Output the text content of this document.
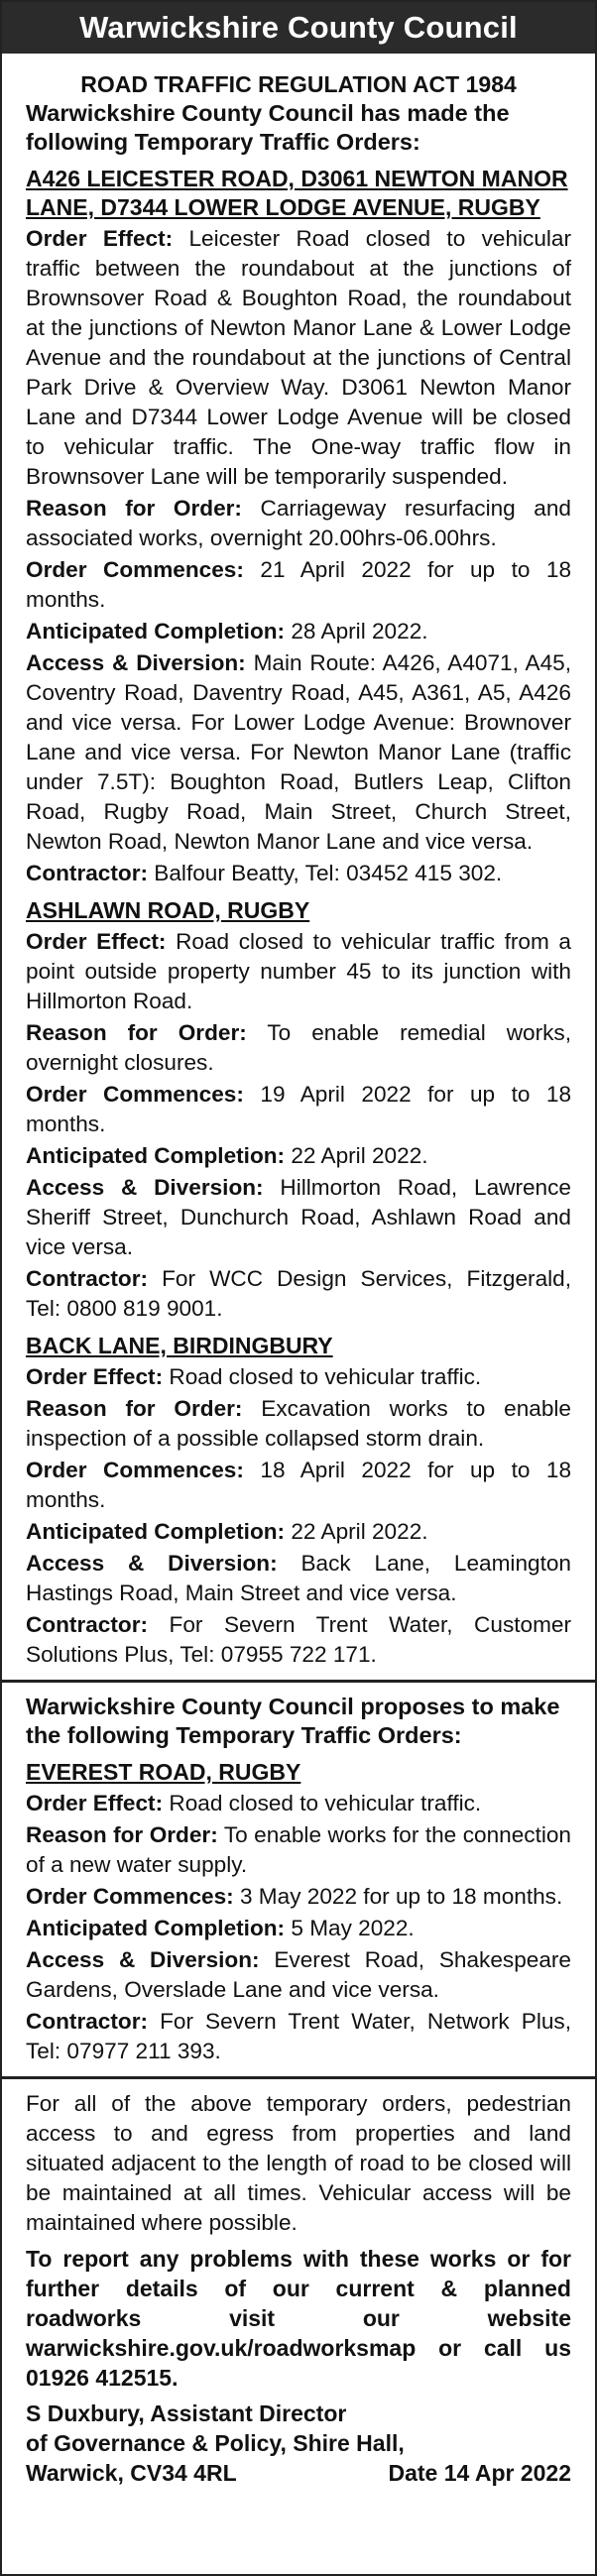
Warwickshire County Council
ROAD TRAFFIC REGULATION ACT 1984
Warwickshire County Council has made the following Temporary Traffic Orders:
A426 LEICESTER ROAD, D3061 NEWTON MANOR LANE, D7344 LOWER LODGE AVENUE, RUGBY
Order Effect: Leicester Road closed to vehicular traffic between the roundabout at the junctions of Brownsover Road & Boughton Road, the roundabout at the junctions of Newton Manor Lane & Lower Lodge Avenue and the roundabout at the junctions of Central Park Drive & Overview Way. D3061 Newton Manor Lane and D7344 Lower Lodge Avenue will be closed to vehicular traffic. The One-way traffic flow in Brownsover Lane will be temporarily suspended.
Reason for Order: Carriageway resurfacing and associated works, overnight 20.00hrs-06.00hrs.
Order Commences: 21 April 2022 for up to 18 months.
Anticipated Completion: 28 April 2022.
Access & Diversion: Main Route: A426, A4071, A45, Coventry Road, Daventry Road, A45, A361, A5, A426 and vice versa. For Lower Lodge Avenue: Brownover Lane and vice versa. For Newton Manor Lane (traffic under 7.5T): Boughton Road, Butlers Leap, Clifton Road, Rugby Road, Main Street, Church Street, Newton Road, Newton Manor Lane and vice versa.
Contractor: Balfour Beatty, Tel: 03452 415 302.
ASHLAWN ROAD, RUGBY
Order Effect: Road closed to vehicular traffic from a point outside property number 45 to its junction with Hillmorton Road.
Reason for Order: To enable remedial works, overnight closures.
Order Commences: 19 April 2022 for up to 18 months.
Anticipated Completion: 22 April 2022.
Access & Diversion: Hillmorton Road, Lawrence Sheriff Street, Dunchurch Road, Ashlawn Road and vice versa.
Contractor: For WCC Design Services, Fitzgerald, Tel: 0800 819 9001.
BACK LANE, BIRDINGBURY
Order Effect: Road closed to vehicular traffic.
Reason for Order: Excavation works to enable inspection of a possible collapsed storm drain.
Order Commences: 18 April 2022 for up to 18 months.
Anticipated Completion: 22 April 2022.
Access & Diversion: Back Lane, Leamington Hastings Road, Main Street and vice versa.
Contractor: For Severn Trent Water, Customer Solutions Plus, Tel: 07955 722 171.
Warwickshire County Council proposes to make the following Temporary Traffic Orders:
EVEREST ROAD, RUGBY
Order Effect: Road closed to vehicular traffic.
Reason for Order: To enable works for the connection of a new water supply.
Order Commences: 3 May 2022 for up to 18 months.
Anticipated Completion: 5 May 2022.
Access & Diversion: Everest Road, Shakespeare Gardens, Overslade Lane and vice versa.
Contractor: For Severn Trent Water, Network Plus, Tel: 07977 211 393.
For all of the above temporary orders, pedestrian access to and egress from properties and land situated adjacent to the length of road to be closed will be maintained at all times. Vehicular access will be maintained where possible.
To report any problems with these works or for further details of our current & planned roadworks visit our website warwickshire.gov.uk/roadworksmap or call us 01926 412515.
S Duxbury, Assistant Director
of Governance & Policy, Shire Hall,
Warwick, CV34 4RL	Date 14 Apr 2022
